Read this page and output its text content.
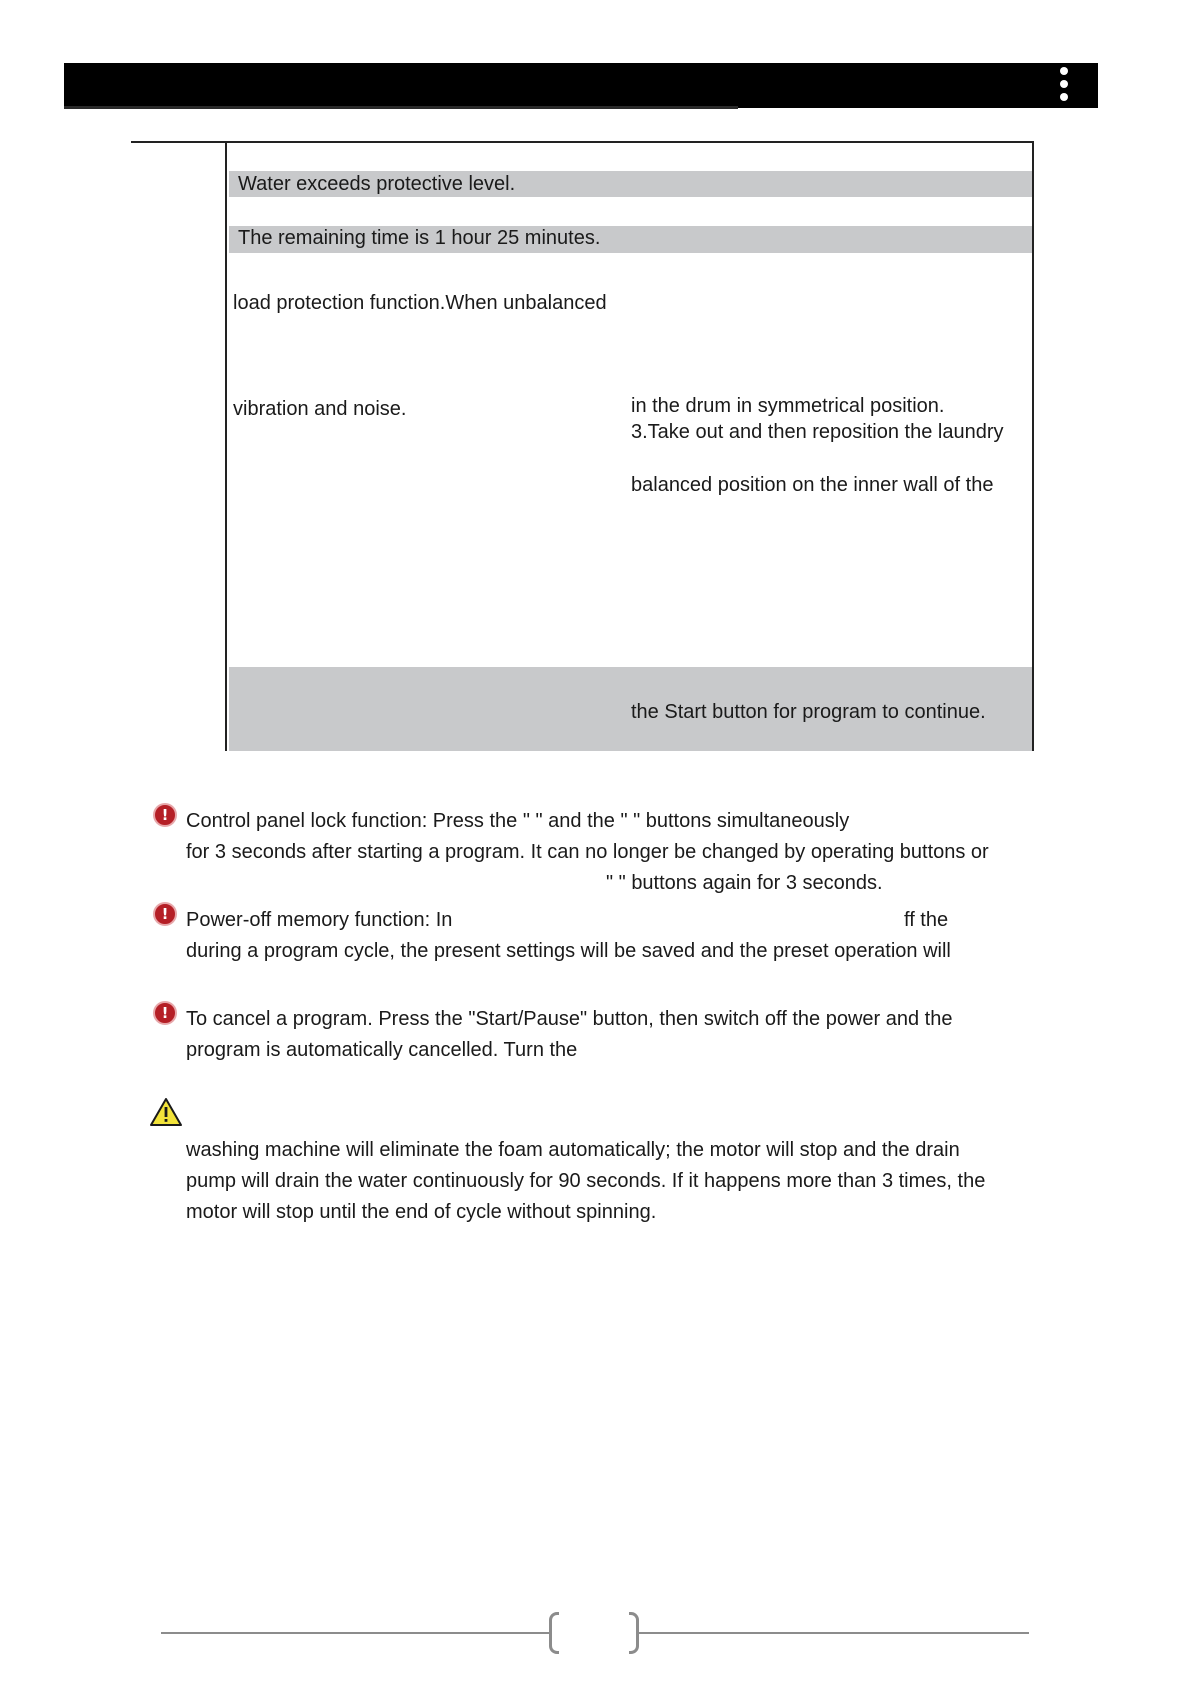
Water exceeds protective level.
The remaining time is 1 hour 25 minutes.
load protection function.When unbalanced
vibration and noise.	in the drum in symmetrical position.
3.Take out and then reposition the laundry
balanced position on the inner wall of the
the Start button for program to continue.
!
Control panel lock function: Press the " " and the " " buttons simultaneously
for 3 seconds after starting a program. It can no longer be changed by operating buttons or
" " buttons again for 3 seconds.
!
Power-off memory function: In	ff the
during a program cycle, the present settings will be saved and the preset operation will
!
To cancel a program. Press the "Start/Pause" button, then switch off the power and the
program is automatically cancelled. Turn the
washing machine will eliminate the foam automatically; the motor will stop and the drain
pump will drain the water continuously for 90 seconds. If it happens more than 3 times, the
motor will stop until the end of cycle without spinning.
